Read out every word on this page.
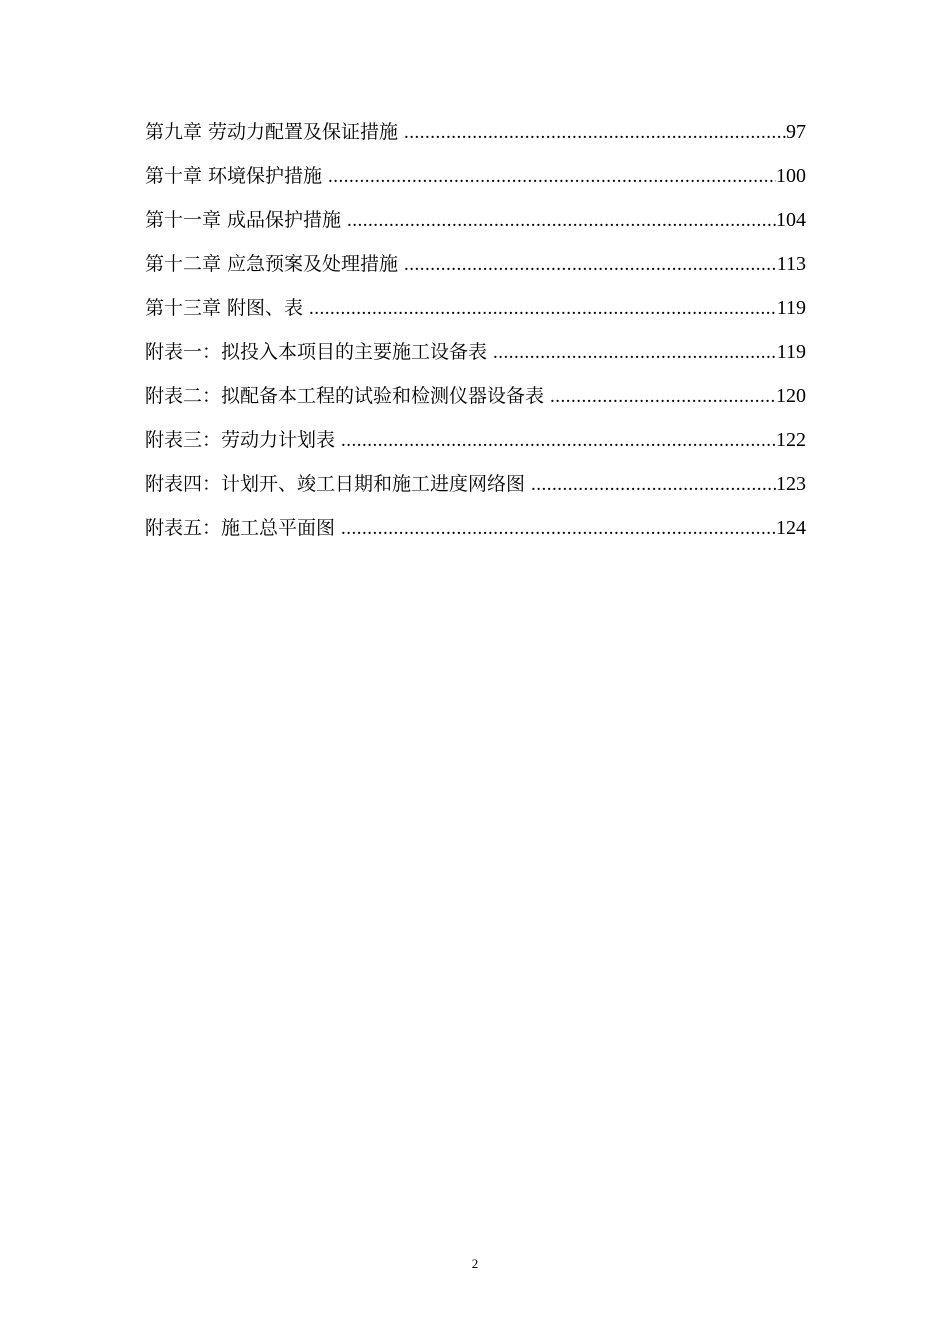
第九章 劳动力配置及保证措施 .....	97
第十章 环境保护措施 .....	100
第十一章 成品保护措施 .....	104
第十二章 应急预案及处理措施 .....	113
第十三章 附图、表 .....	119
附表一：拟投入本项目的主要施工设备表 .....	119
附表二：拟配备本工程的试验和检测仪器设备表 .....	120
附表三：劳动力计划表 .....	122
附表四：计划开、竣工日期和施工进度网络图 .....	123
附表五：施工总平面图 .....	124
2
